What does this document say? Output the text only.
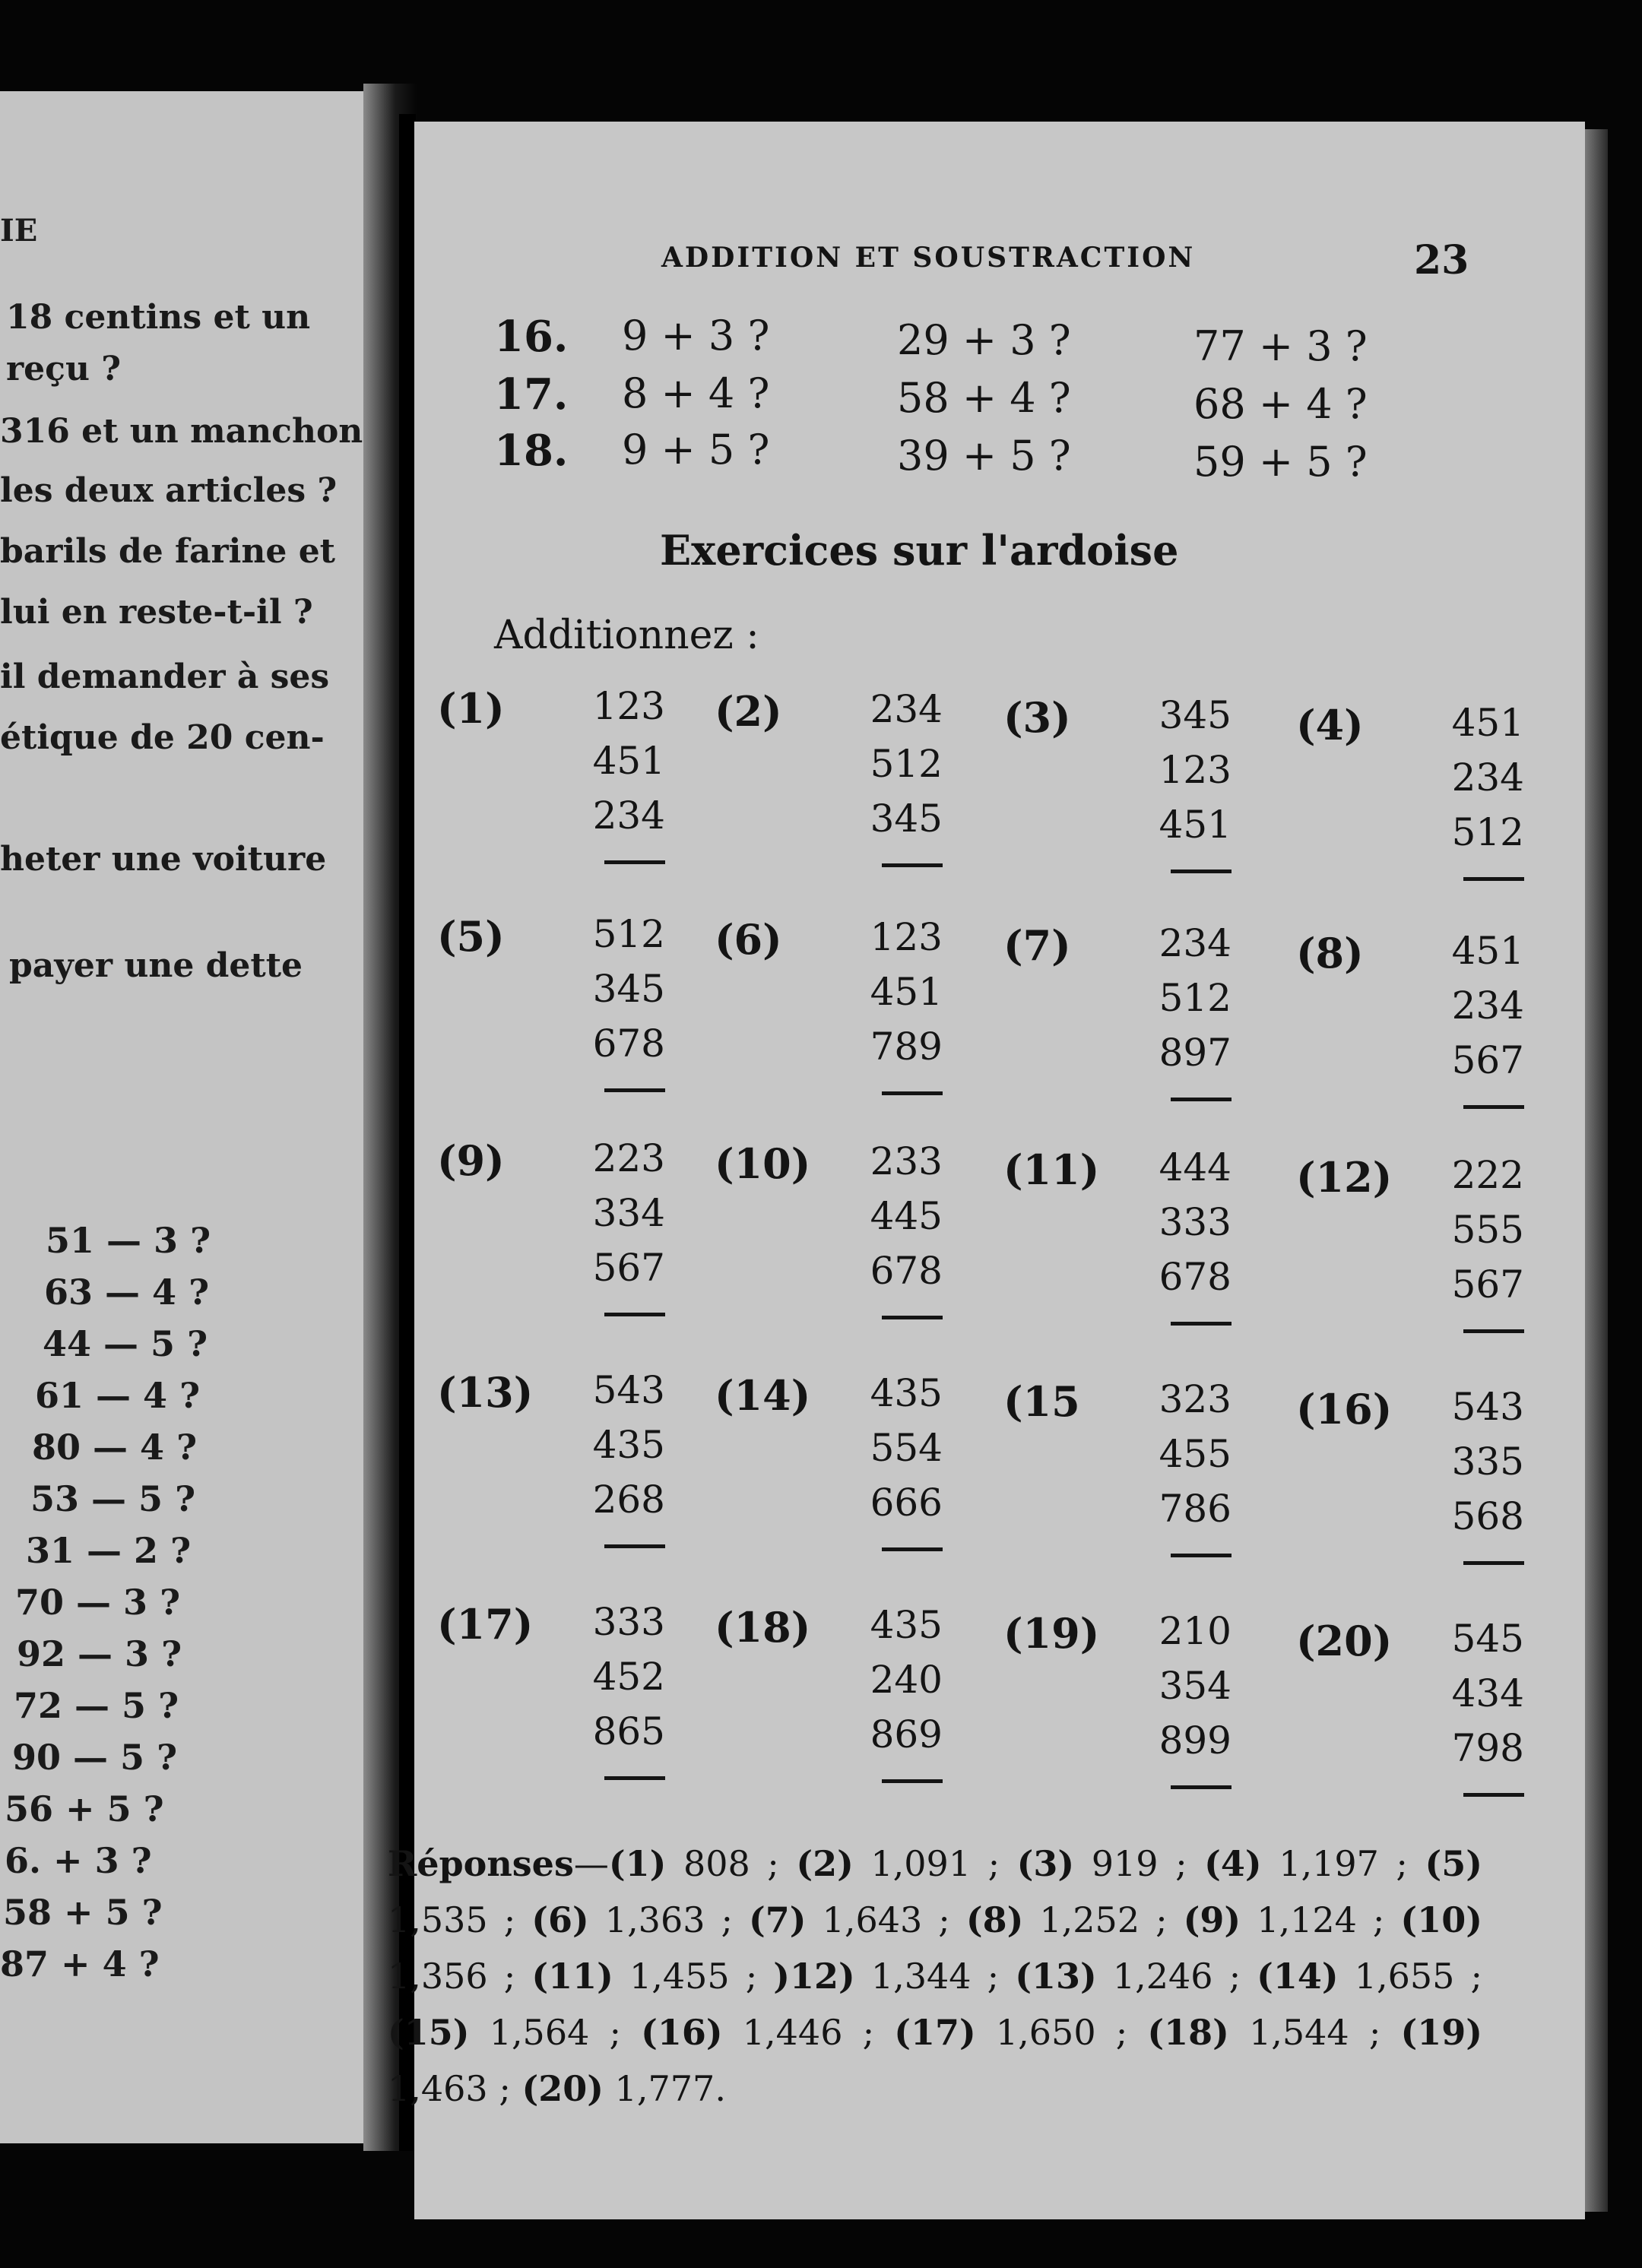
IE
18 centins et un
reçu ?
316 et un manchon
les deux articles ?
barils de farine et
lui en reste-t-il ?
il demander à ses
étique de 20 cen-
heter une voiture
payer une dette
51 — 3 ?
63 — 4 ?
44 — 5 ?
61 — 4 ?
80 — 4 ?
53 — 5 ?
31 — 2 ?
70 — 3 ?
92 — 3 ?
72 — 5 ?
90 — 5 ?
56 + 5 ?
6. + 3 ?
58 + 5 ?
87 + 4 ?
ADDITION ET SOUSTRACTION	23
16. 9 + 3 ?	29 + 3 ?	77 + 3 ?
17. 8 + 4 ?	58 + 4 ?	68 + 4 ?
18. 9 + 5 ?	39 + 5 ?	59 + 5 ?
Exercices sur l'ardoise
Additionnez :
(1) 123
451
234
(2) 234
512
345
(3) 345
123
451
(4) 451
234
512
(5) 512
345
678
(6) 123
451
789
(7) 234
512
897
(8) 451
234
567
(9) 223
334
567
(10) 233
445
678
(11) 444
333
678
(12) 222
555
567
(13) 543
435
268
(14) 435
554
666
(15 323
455
786
(16) 543
335
568
(17) 333
452
865
(18) 435
240
869
(19) 210
354
899
(20) 545
434
798
Réponses—(1) 808 ; (2) 1,091 ; (3) 919 ; (4) 1,197 ; (5) 1,535 ; (6) 1,363 ; (7) 1,643 ; (8) 1,252 ; (9) 1,124 ; (10) 1,356 ; (11) 1,455 ; )12) 1,344 ; (13) 1,246 ; (14) 1,655 ; (15) 1,564 ; (16) 1,446 ; (17) 1,650 ; (18) 1,544 ; (19) 1,463 ; (20) 1,777.
